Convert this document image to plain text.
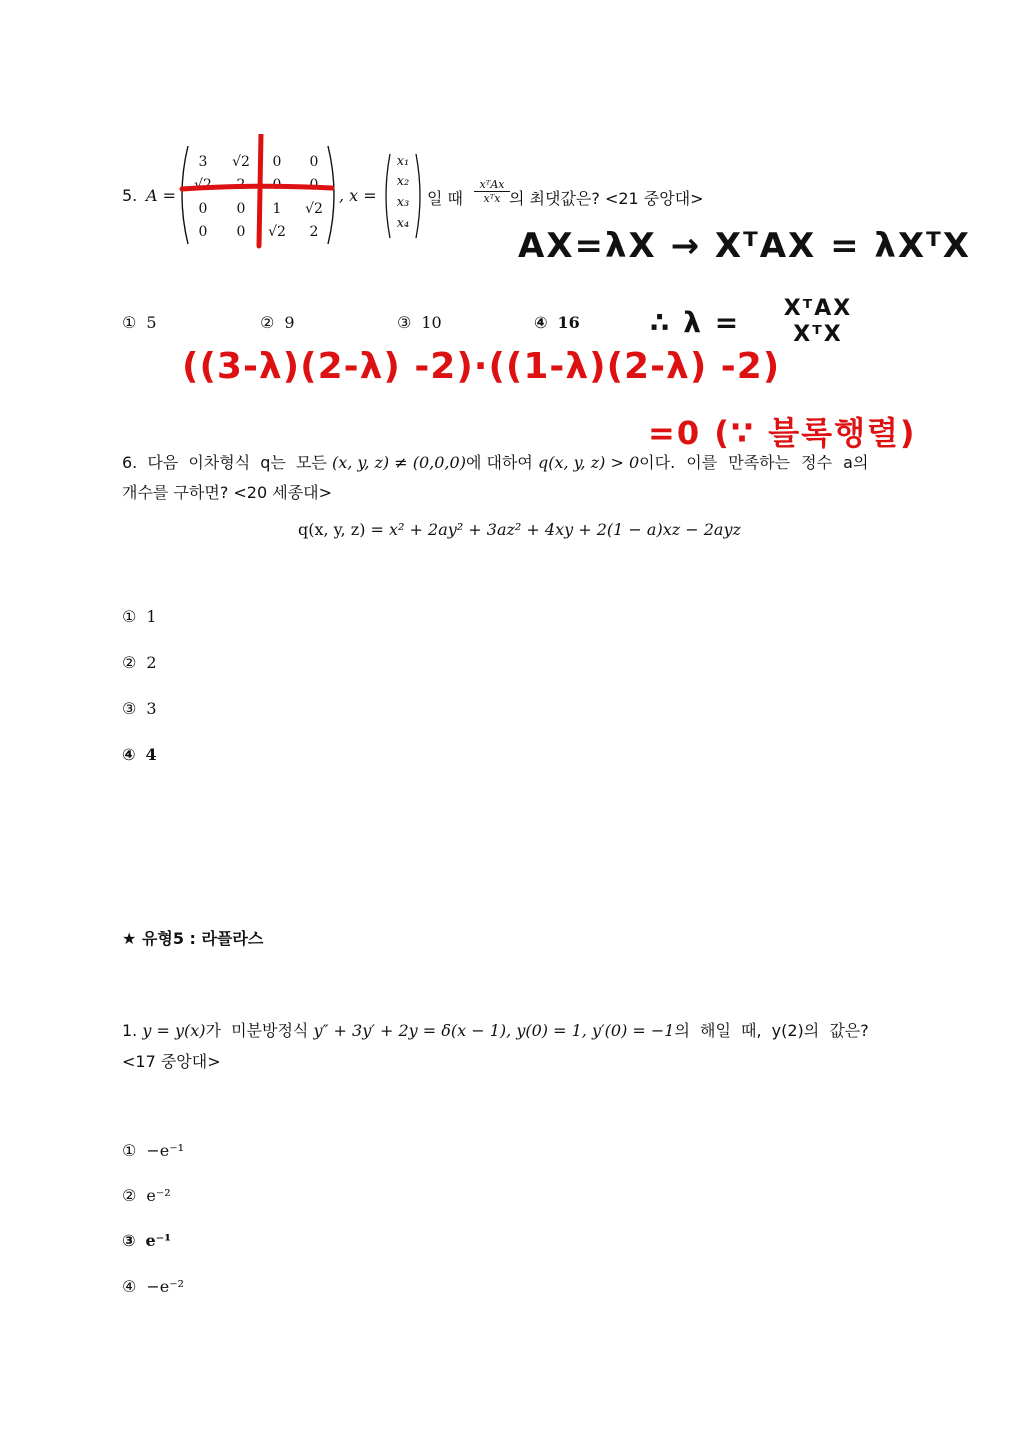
5. A =
3	√2	0	0
√2	2	0	0
0	0	1	√2
0	0	√2	2
, x =
x₁
x₂
x₃
x₄
일 때
xᵀAx
xᵀx 의 최댓값은? <21 중앙대>
AX=λX → XᵀAX = λXᵀX
∴ λ =	XᵀAX
XᵀX
① 5	② 9	③ 10	④ 16
((3-λ)(2-λ) -2)·((1-λ)(2-λ) -2)
=0 (∵ 블록행렬)
6. 다음 이차형식 q는 모든 (x, y, z) ≠ (0,0,0)에 대하여 q(x, y, z) > 0이다. 이를 만족하는 정수 a의
개수를 구하면? <20 세종대>
q(x, y, z) = x² + 2ay² + 3az² + 4xy + 2(1 − a)xz − 2ayz
① 1
② 2
③ 3
④ 4
★ 유형5 : 라플라스
1. y = y(x)가 미분방정식 y″ + 3y′ + 2y = δ(x − 1), y(0) = 1, y′(0) = −1의 해일 때, y(2)의 값은?
<17 중앙대>
① −e⁻¹
② e⁻²
③ e⁻¹
④ −e⁻²
